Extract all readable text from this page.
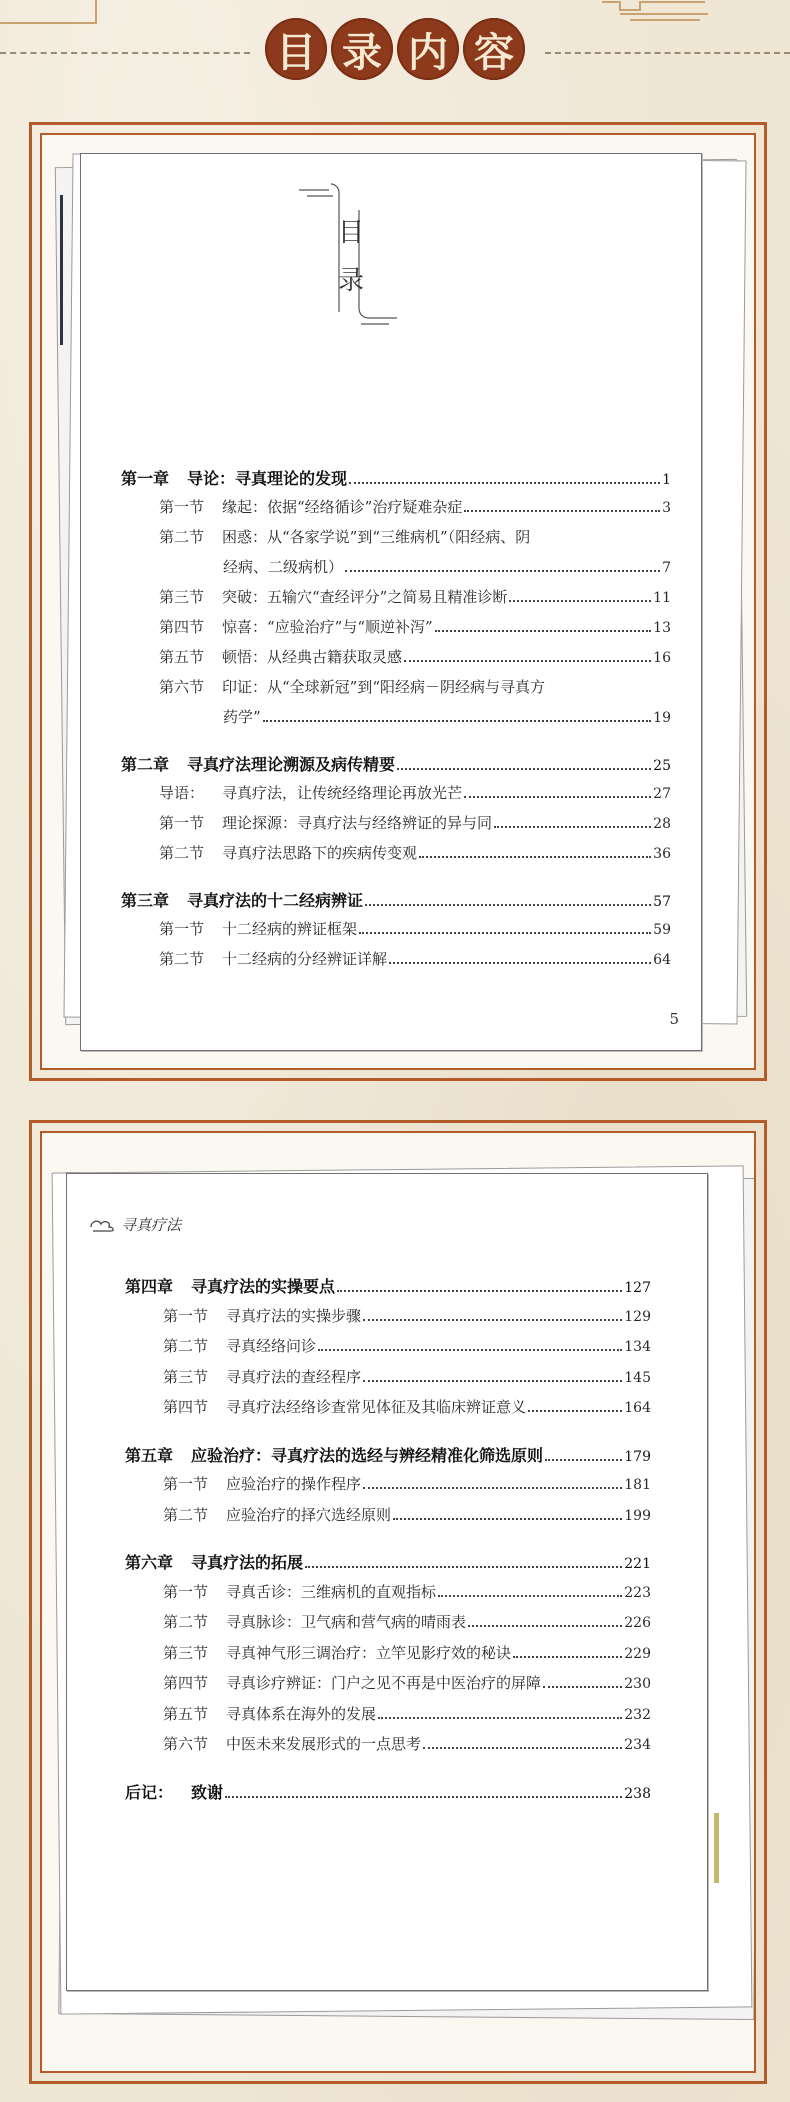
目 录 内 容
目
录
第一章 导论：寻真理论的发现	1
第一节 缘起：依据“经络循诊”治疗疑难杂症	3
第二节 困惑：从“各家学说”到“三维病机”（阳经病、阴
经病、二级病机）	7
第三节 突破：五输穴“查经评分”之简易且精准诊断	11
第四节 惊喜：“应验治疗”与“顺逆补泻”	13
第五节 顿悟：从经典古籍获取灵感	16
第六节 印证：从“全球新冠”到“阳经病－阴经病与寻真方
药学”	19
第二章 寻真疗法理论溯源及病传精要	25
导语： 寻真疗法，让传统经络理论再放光芒	27
第一节 理论探源：寻真疗法与经络辨证的异与同	28
第二节 寻真疗法思路下的疾病传变观	36
第三章 寻真疗法的十二经病辨证	57
第一节 十二经病的辨证框架	59
第二节 十二经病的分经辨证详解	64
5
寻真疗法
第四章 寻真疗法的实操要点	127
第一节 寻真疗法的实操步骤	129
第二节 寻真经络问诊	134
第三节 寻真疗法的查经程序	145
第四节 寻真疗法经络诊查常见体征及其临床辨证意义	164
第五章 应验治疗：寻真疗法的选经与辨经精准化筛选原则	179
第一节 应验治疗的操作程序	181
第二节 应验治疗的择穴选经原则	199
第六章 寻真疗法的拓展	221
第一节 寻真舌诊：三维病机的直观指标	223
第二节 寻真脉诊：卫气病和营气病的晴雨表	226
第三节 寻真神气形三调治疗：立竿见影疗效的秘诀	229
第四节 寻真诊疗辨证：门户之见不再是中医治疗的屏障	230
第五节 寻真体系在海外的发展	232
第六节 中医未来发展形式的一点思考	234
后记： 致谢	238
